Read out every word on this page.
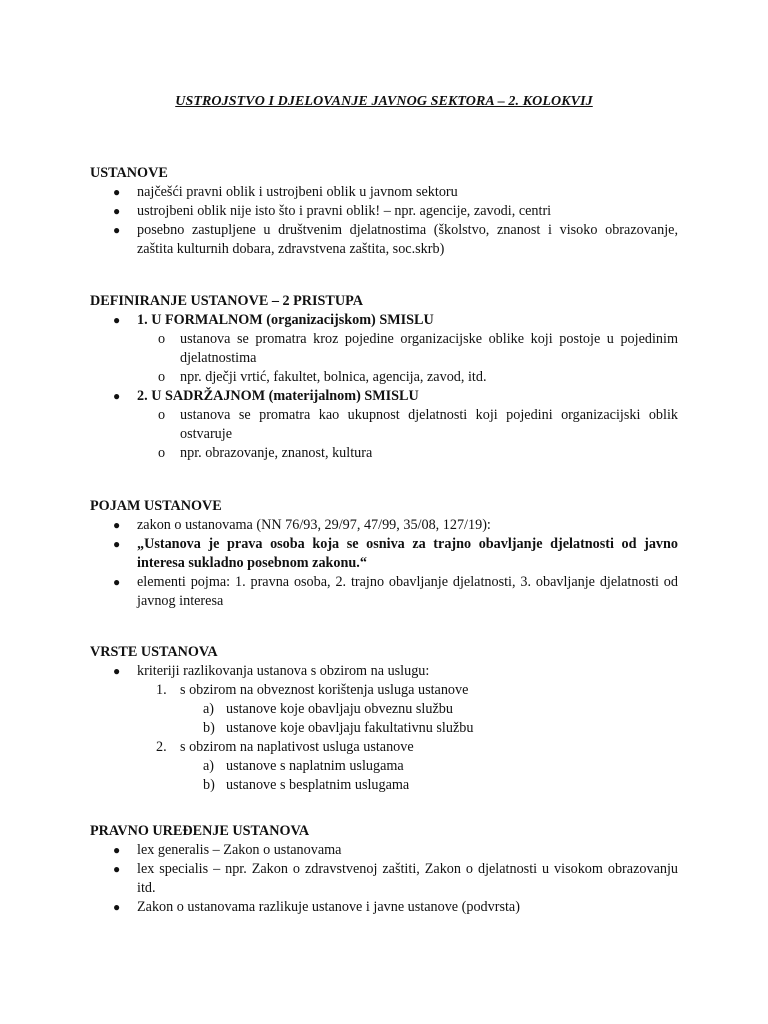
USTROJSTVO I DJELOVANJE JAVNOG SEKTORA – 2. KOLOKVIJ
USTANOVE
● najčešći pravni oblik i ustrojbeni oblik u javnom sektoru
● ustrojbeni oblik nije isto što i pravni oblik! – npr. agencije, zavodi, centri
● posebno zastupljene u društvenim djelatnostima (školstvo, znanost i visoko obrazovanje, zaštita kulturnih dobara, zdravstvena zaštita, soc.skrb)
DEFINIRANJE USTANOVE – 2 PRISTUPA
● 1. U FORMALNOM (organizacijskom) SMISLU
o ustanova se promatra kroz pojedine organizacijske oblike koji postoje u pojedinim djelatnostima
o npr. dječji vrtić, fakultet, bolnica, agencija, zavod, itd.
● 2. U SADRŽAJNOM (materijalnom) SMISLU
o ustanova se promatra kao ukupnost djelatnosti koji pojedini organizacijski oblik ostvaruje
o npr. obrazovanje, znanost, kultura
POJAM USTANOVE
● zakon o ustanovama (NN 76/93, 29/97, 47/99, 35/08, 127/19):
● „Ustanova je prava osoba koja se osniva za trajno obavljanje djelatnosti od javno interesa sukladno posebnom zakonu.“
● elementi pojma: 1. pravna osoba, 2. trajno obavljanje djelatnosti, 3. obavljanje djelatnosti od javnog interesa
VRSTE USTANOVA
● kriteriji razlikovanja ustanova s obzirom na uslugu:
1. s obzirom na obveznost korištenja usluga ustanove
a) ustanove koje obavljaju obveznu službu
b) ustanove koje obavljaju fakultativnu službu
2. s obzirom na naplativost usluga ustanove
a) ustanove s naplatnim uslugama
b) ustanove s besplatnim uslugama
PRAVNO UREĐENJE USTANOVA
● lex generalis – Zakon o ustanovama
● lex specialis – npr. Zakon o zdravstvenoj zaštiti, Zakon o djelatnosti u visokom obrazovanju itd.
● Zakon o ustanovama razlikuje ustanove i javne ustanove (podvrsta)
